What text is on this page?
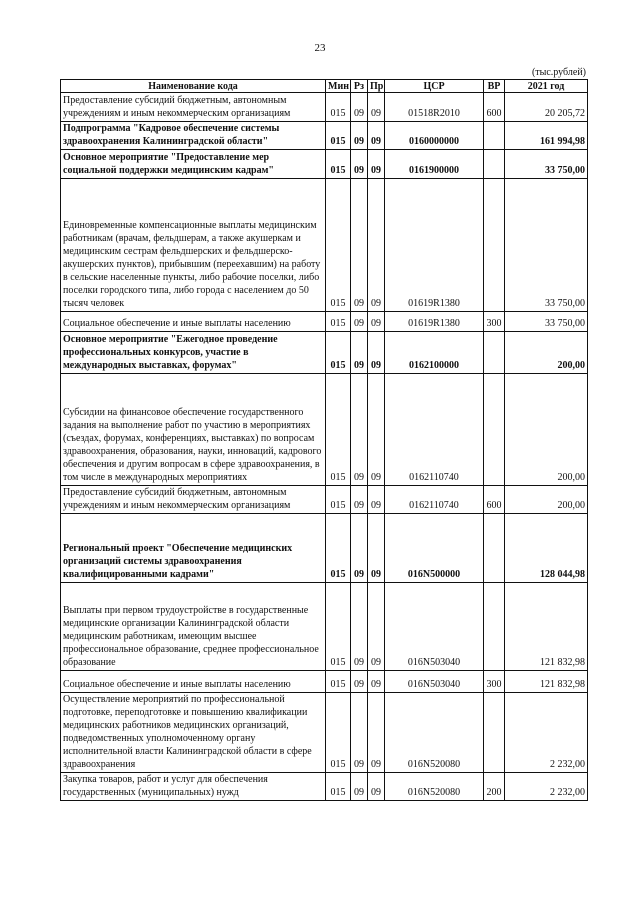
23
(тыс.рублей)
Наименование кода	Мин	Рз	Пр	ЦСР	ВР	2021 год
Предоставление субсидий бюджетным, автономным учреждениям и иным некоммерческим организациям	015	09	09	01518R2010	600	20 205,72
Подпрограмма "Кадровое обеспечение системы здравоохранения Калининградской области"	015	09	09	0160000000		161 994,98
Основное мероприятие "Предоставление мер социальной поддержки медицинским кадрам"	015	09	09	0161900000		33 750,00
Единовременные компенсационные выплаты медицинским работникам (врачам, фельдшерам, а также акушеркам и медицинским сестрам фельдшерских и фельдшерско-акушерских пунктов), прибывшим (переехавшим) на работу в сельские населенные пункты, либо рабочие поселки, либо поселки городского типа, либо города с населением до 50 тысяч человек	015	09	09	01619R1380		33 750,00
Социальное обеспечение и иные выплаты населению	015	09	09	01619R1380	300	33 750,00
Основное мероприятие "Ежегодное проведение профессиональных конкурсов, участие в международных выставках, форумах"	015	09	09	0162100000		200,00
Субсидии на финансовое обеспечение государственного задания на выполнение работ по участию в мероприятиях (съездах, форумах, конференциях, выставках) по вопросам здравоохранения, образования, науки, инноваций, кадрового обеспечения и другим вопросам в сфере здравоохранения, в том числе в международных мероприятиях	015	09	09	0162110740		200,00
Предоставление субсидий бюджетным, автономным учреждениям и иным некоммерческим организациям	015	09	09	0162110740	600	200,00
Региональный проект "Обеспечение медицинских организаций системы здравоохранения квалифицированными кадрами"	015	09	09	016N500000		128 044,98
Выплаты при первом трудоустройстве в государственные медицинские организации Калининградской области медицинским работникам, имеющим высшее профессиональное образование, среднее профессиональное образование	015	09	09	016N503040		121 832,98
Социальное обеспечение и иные выплаты населению	015	09	09	016N503040	300	121 832,98
Осуществление мероприятий по профессиональной подготовке, переподготовке и повышению квалификации медицинских работников медицинских организаций, подведомственных уполномоченному органу исполнительной власти Калининградской области в сфере здравоохранения	015	09	09	016N520080		2 232,00
Закупка товаров, работ и услуг для обеспечения государственных (муниципальных) нужд	015	09	09	016N520080	200	2 232,00
